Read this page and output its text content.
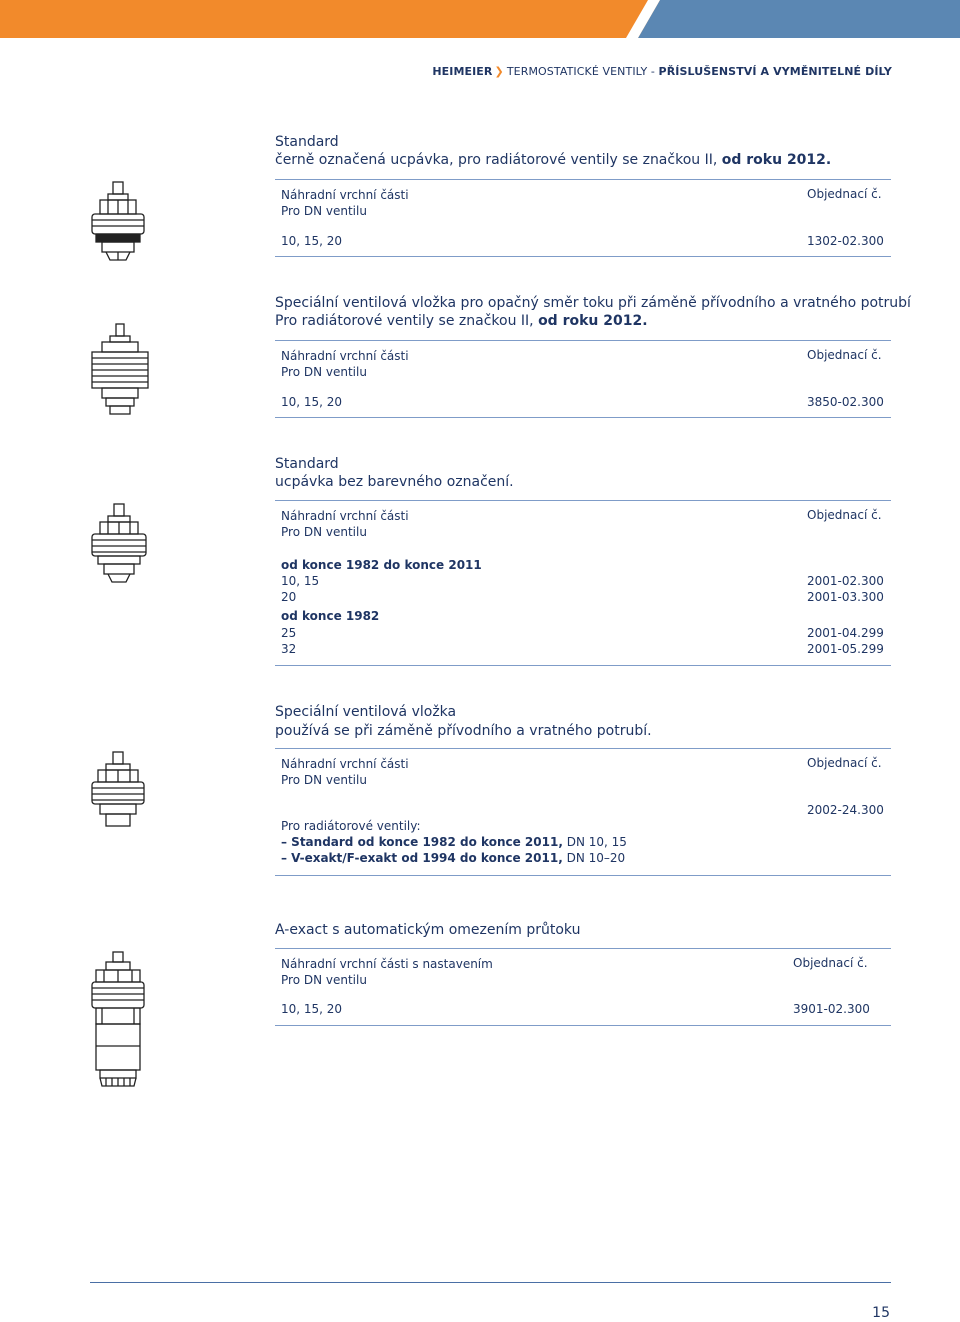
HEIMEIER ❯ TERMOSTATICKÉ VENTILY - PŘÍSLUŠENSTVÍ A VYMĚNITELNÉ DÍLY
Standard
černě označená ucpávka, pro radiátorové ventily se značkou II, od roku 2012.
Náhradní vrchní části
Pro DN ventilu
Objednací č.
10, 15, 20	1302-02.300
Speciální ventilová vložka pro opačný směr toku při záměně přívodního a vratného potrubí
Pro radiátorové ventily se značkou II, od roku 2012.
Náhradní vrchní části
Pro DN ventilu
Objednací č.
10, 15, 20	3850-02.300
Standard
ucpávka bez barevného označení.
Náhradní vrchní části
Pro DN ventilu
Objednací č.
od konce 1982 do konce 2011
10, 15	2001-02.300
20	2001-03.300
od konce 1982
25	2001-04.299
32	2001-05.299
Speciální ventilová vložka
používá se při záměně přívodního a vratného potrubí.
Náhradní vrchní části
Pro DN ventilu
Objednací č.
2002-24.300
Pro radiátorové ventily:
– Standard od konce 1982 do konce 2011, DN 10, 15
– V-exakt/F-exakt od 1994 do konce 2011, DN 10–20
A-exact s automatickým omezením průtoku
Náhradní vrchní části s nastavením
Pro DN ventilu
Objednací č.
10, 15, 20	3901-02.300
15
